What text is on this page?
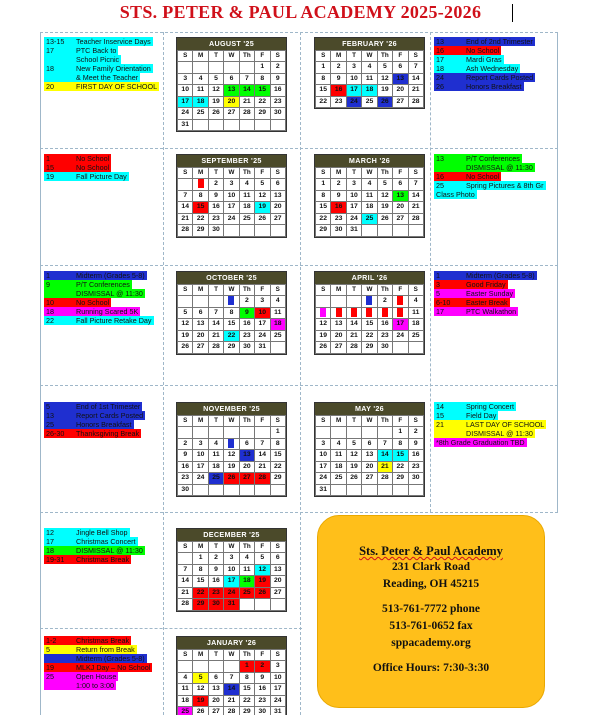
STS. PETER & PAUL ACADEMY 2025-2026
13-15 Teacher Inservice Days
17	PTC Back to
School Picnic
18	New Family Orientation
& Meet the Teacher
20	FIRST DAY OF SCHOOL
1	No School
15	No School
19	Fall Picture Day
1	Midterm (Grades 5-8)
9	P/T Conferences
DISMISSAL @ 11:30
10	No School
18	Running Scared 5K
22	Fall Picture Retake Day
5	End of 1st Trimester
13	Report Cards Posted
25	Honors Breakfast
26-30 Thanksgiving Break
12	Jingle Bell Shop
17	Christmas Concert
18	DISMISSAL @ 11:30
19-31 Christmas Break
1-2	Christmas Break
5	Return from Break
Midterm (Grades 5-8)
19	MLKJ Day – No School
25	Open House
1:00 to 3:00
13	End of 2nd Trimester
16	No School
17	Mardi Gras
18	Ash Wednesday
24	Report Cards Posted
26	Honors Breakfast
13	P/T Conferences
DISMISSAL @ 11:30
16	No School
25	Spring Pictures & 8th Gr
Class Photo
1	Midterm (Grades 5-8)
3	Good Friday
5	Easter Sunday
6-10 Easter Break
17	PTC Walkathon
14	Spring Concert
15	Field Day
21	LAST DAY OF SCHOOL
DISMISSAL @ 11:30
*8th Grade Graduation TBD
AUGUST '25
S	M	T	W	Th	F	S
					1	2
3	4	5	6	7	8	9
10	11	12	13	14	15	16
17	18	19	20	21	22	23
24	25	26	27	28	29	30
31						
SEPTEMBER '25
S	M	T	W	Th	F	S
		2	3	4	5	6
7	8	9	10	11	12	13
14	15	16	17	18	19	20
21	22	23	24	25	26	27
28	29	30				
OCTOBER '25
S	M	T	W	Th	F	S
				2	3	4
5	6	7	8	9	10	11
12	13	14	15	16	17	18
19	20	21	22	23	24	25
26	27	28	29	30	31	
NOVEMBER '25
S	M	T	W	Th	F	S
						1
2	3	4		6	7	8
9	10	11	12	13	14	15
16	17	18	19	20	21	22
23	24	25	26	27	28	29
30						
DECEMBER '25
S	M	T	W	Th	F	S
	1	2	3	4	5	6
7	8	9	10	11	12	13
14	15	16	17	18	19	20
21	22	23	24	25	26	27
28	29	30	31			
JANUARY '26
S	M	T	W	Th	F	S
				1	2	3
4	5	6	7	8	9	10
11	12	13	14	15	16	17
18	19	20	21	22	23	24
25	26	27	28	29	30	31
FEBRUARY '26
S	M	T	W	Th	F	S
1	2	3	4	5	6	7
8	9	10	11	12	13	14
15	16	17	18	19	20	21
22	23	24	25	26	27	28
MARCH '26
S	M	T	W	Th	F	S
1	2	3	4	5	6	7
8	9	10	11	12	13	14
15	16	17	18	19	20	21
22	23	24	25	26	27	28
29	30	31				
APRIL '26
S	M	T	W	Th	F	S
				2		4
						11
12	13	14	15	16	17	18
19	20	21	22	23	24	25
26	27	28	29	30		
MAY '26
S	M	T	W	Th	F	S
					1	2
3	4	5	6	7	8	9
10	11	12	13	14	15	16
17	18	19	20	21	22	23
24	25	26	27	28	29	30
31						
Sts. Peter & Paul Academy
231 Clark Road
Reading, OH 45215
513-761-7772 phone
513-761-0652 fax
sppacademy.org
Office Hours: 7:30-3:30
